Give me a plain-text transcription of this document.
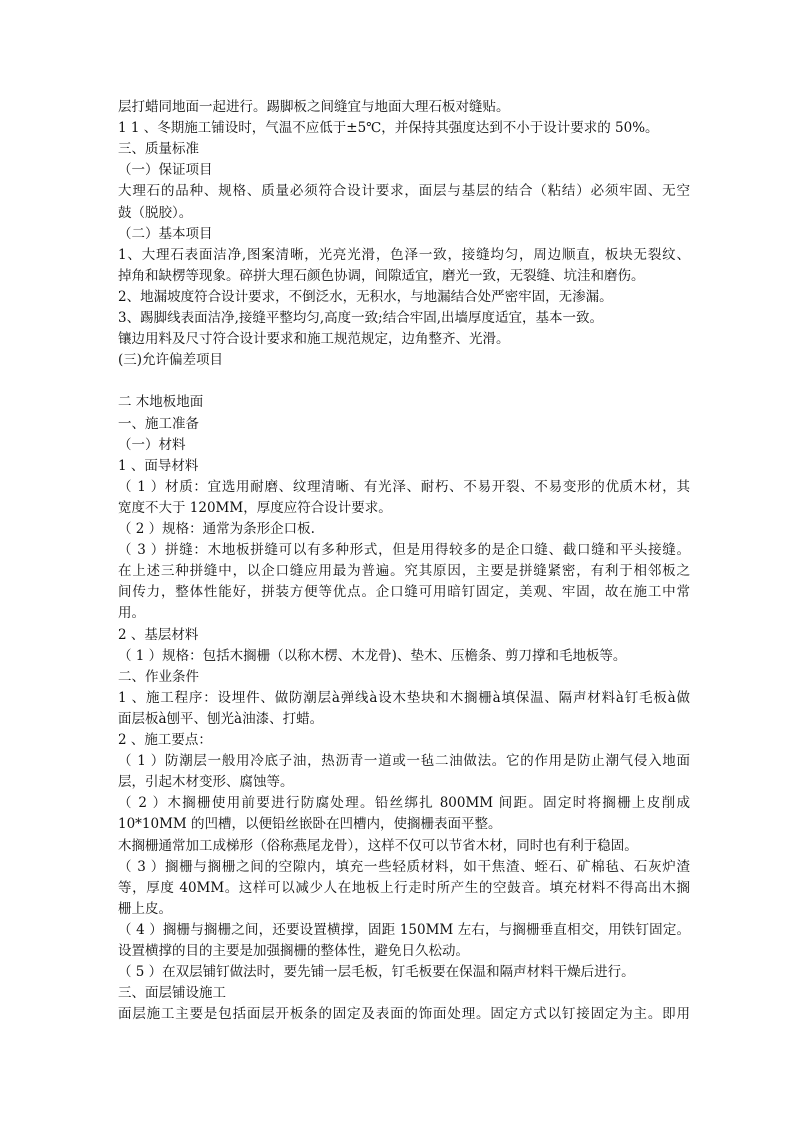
层打蜡同地面一起进行。踢脚板之间缝宜与地面大理石板对缝贴。
1 1 、冬期施工铺设时，气温不应低于±5℃，并保持其强度达到不小于设计要求的 50%。
三、质量标准
（一）保证项目
大理石的品种、规格、质量必须符合设计要求，面层与基层的结合（粘结）必须牢固、无空
鼓（脱胶）。
（二）基本项目
1、大理石表面洁净,图案清晰，光亮光滑，色泽一致，接缝均匀，周边顺直，板块无裂纹、
掉角和缺楞等现象。碎拼大理石颜色协调，间隙适宜，磨光一致，无裂缝、坑洼和磨伤。
2、地漏坡度符合设计要求，不倒泛水，无积水，与地漏结合处严密牢固，无渗漏。
3、踢脚线表面洁净,接缝平整均匀,高度一致;结合牢固,出墙厚度适宜，基本一致。
镶边用料及尺寸符合设计要求和施工规范规定，边角整齐、光滑。
(三)允许偏差项目
二 木地板地面
一、施工准备
（一）材料
1 、面导材料
（ 1 ）材质：宜选用耐磨、纹理清晰、有光泽、耐朽、不易开裂、不易变形的优质木材，其
宽度不大于 120MM，厚度应符合设计要求。
（ 2 ）规格：通常为条形企口板.
（ 3 ）拼缝：木地板拼缝可以有多种形式，但是用得较多的是企口缝、截口缝和平头接缝。
在上述三种拼缝中，以企口缝应用最为普遍。究其原因，主要是拼缝紧密，有利于相邻板之
间传力，整体性能好，拼装方便等优点。企口缝可用暗钉固定，美观、牢固，故在施工中常
用。
2 、基层材料
（ 1 ）规格：包括木搁栅（以称木楞、木龙骨)、垫木、压檐条、剪刀撑和毛地板等。
二、作业条件
1 、施工程序：设埋件、做防潮层à弹线à设木垫块和木搁栅à填保温、隔声材料à钉毛板à做
面层板à刨平、刨光à油漆、打蜡。
2 、施工要点：
（ 1 ）防潮层一般用冷底子油，热沥青一道或一毡二油做法。它的作用是防止潮气侵入地面
层，引起木材变形、腐蚀等。
（ 2 ）木搁栅使用前要进行防腐处理。铅丝绑扎 800MM 间距。固定时将搁栅上皮削成
10*10MM 的凹槽，以便铅丝嵌卧在凹槽内，使搁栅表面平整。
木搁栅通常加工成梯形（俗称燕尾龙骨），这样不仅可以节省木材，同时也有利于稳固。
（ 3 ）搁栅与搁栅之间的空隙内，填充一些轻质材料，如干焦渣、蛭石、矿棉毡、石灰炉渣
等，厚度 40MM。这样可以减少人在地板上行走时所产生的空鼓音。填充材料不得高出木搁
栅上皮。
（ 4 ）搁栅与搁栅之间，还要设置横撑，固距 150MM 左右，与搁栅垂直相交，用铁钉固定。
设置横撑的目的主要是加强搁栅的整体性，避免日久松动。
（ 5 ）在双层铺钉做法时，要先铺一层毛板，钉毛板要在保温和隔声材料干燥后进行。
三、面层铺设施工
面层施工主要是包括面层开板条的固定及表面的饰面处理。固定方式以钉接固定为主。即用
